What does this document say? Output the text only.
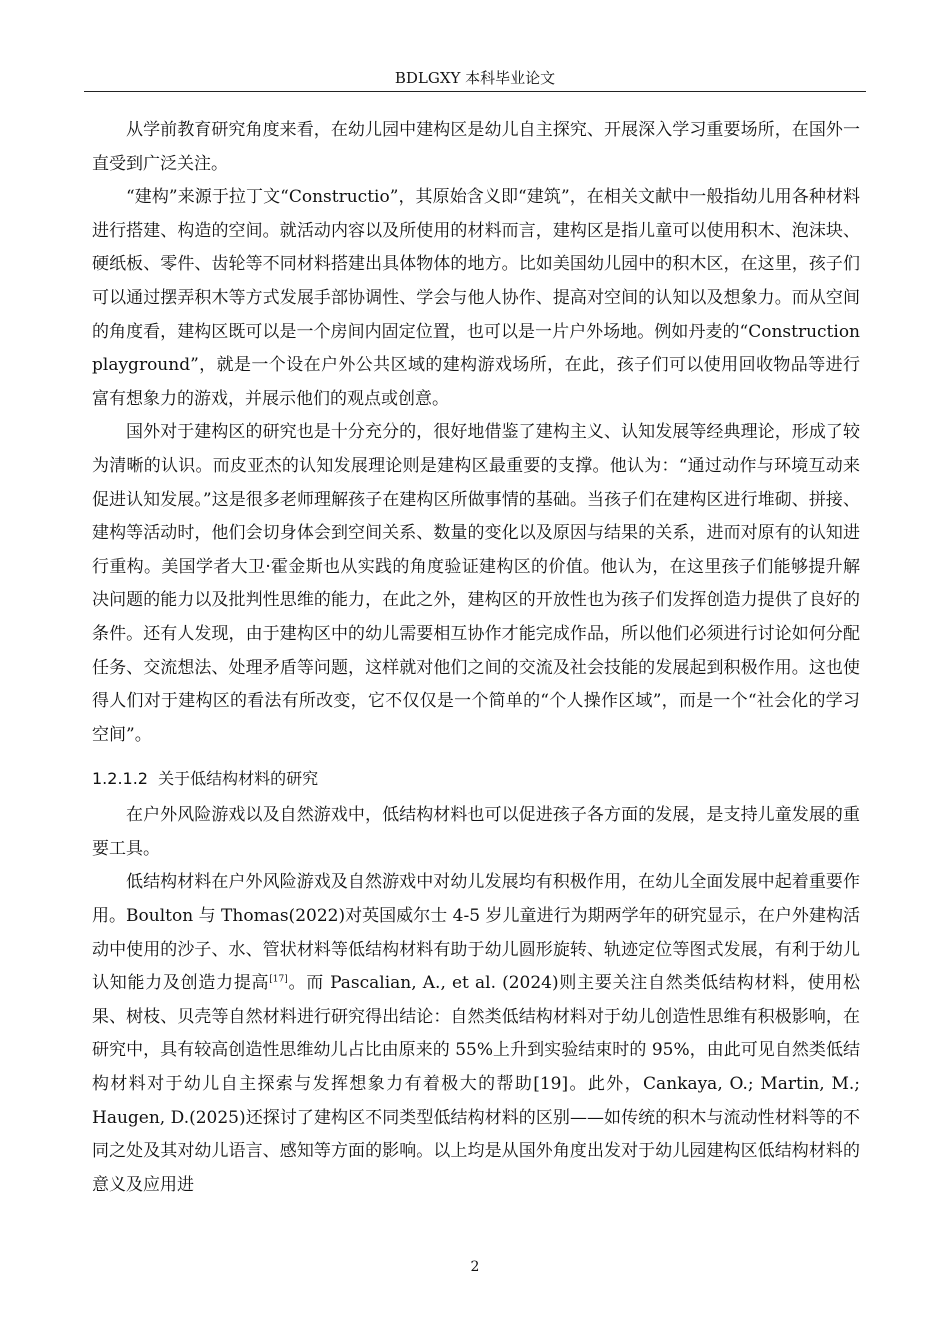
BDLGXY 本科毕业论文

从学前教育研究角度来看，在幼儿园中建构区是幼儿自主探究、开展深入学习重要场所，在国外一直受到广泛关注。

“建构”来源于拉丁文“Constructio”，其原始含义即“建筑”，在相关文献中一般指幼儿用各种材料进行搭建、构造的空间。就活动内容以及所使用的材料而言，建构区是指儿童可以使用积木、泡沫块、硬纸板、零件、齿轮等不同材料搭建出具体物体的地方。比如美国幼儿园中的积木区，在这里，孩子们可以通过摆弄积木等方式发展手部协调性、学会与他人协作、提高对空间的认知以及想象力。而从空间的角度看，建构区既可以是一个房间内固定位置，也可以是一片户外场地。例如丹麦的“Construction playground”，就是一个设在户外公共区域的建构游戏场所，在此，孩子们可以使用回收物品等进行富有想象力的游戏，并展示他们的观点或创意。

国外对于建构区的研究也是十分充分的，很好地借鉴了建构主义、认知发展等经典理论，形成了较为清晰的认识。而皮亚杰的认知发展理论则是建构区最重要的支撑。他认为：“通过动作与环境互动来促进认知发展。”这是很多老师理解孩子在建构区所做事情的基础。当孩子们在建构区进行堆砌、拼接、建构等活动时，他们会切身体会到空间关系、数量的变化以及原因与结果的关系，进而对原有的认知进行重构。美国学者大卫·霍金斯也从实践的角度验证建构区的价值。他认为，在这里孩子们能够提升解决问题的能力以及批判性思维的能力，在此之外，建构区的开放性也为孩子们发挥创造力提供了良好的条件。还有人发现，由于建构区中的幼儿需要相互协作才能完成作品，所以他们必须进行讨论如何分配任务、交流想法、处理矛盾等问题，这样就对他们之间的交流及社会技能的发展起到积极作用。这也使得人们对于建构区的看法有所改变，它不仅仅是一个简单的“个人操作区域”，而是一个“社会化的学习空间”。

1.2.1.2 关于低结构材料的研究

在户外风险游戏以及自然游戏中，低结构材料也可以促进孩子各方面的发展，是支持儿童发展的重要工具。

低结构材料在户外风险游戏及自然游戏中对幼儿发展均有积极作用，在幼儿全面发展中起着重要作用。Boulton 与 Thomas(2022)对英国威尔士 4-5 岁儿童进行为期两学年的研究显示，在户外建构活动中使用的沙子、水、管状材料等低结构材料有助于幼儿圆形旋转、轨迹定位等图式发展，有利于幼儿认知能力及创造力提高[17]。而 Pascalian, A., et al. (2024)则主要关注自然类低结构材料，使用松果、树枝、贝壳等自然材料进行研究得出结论：自然类低结构材料对于幼儿创造性思维有积极影响，在研究中，具有较高创造性思维幼儿占比由原来的 55%上升到实验结束时的 95%，由此可见自然类低结构材料对于幼儿自主探索与发挥想象力有着极大的帮助[19]。此外，Cankaya, O.; Martin, M.; Haugen, D.(2025)还探讨了建构区不同类型低结构材料的区别——如传统的积木与流动性材料等的不同之处及其对幼儿语言、感知等方面的影响。以上均是从国外角度出发对于幼儿园建构区低结构材料的意义及应用进

2
